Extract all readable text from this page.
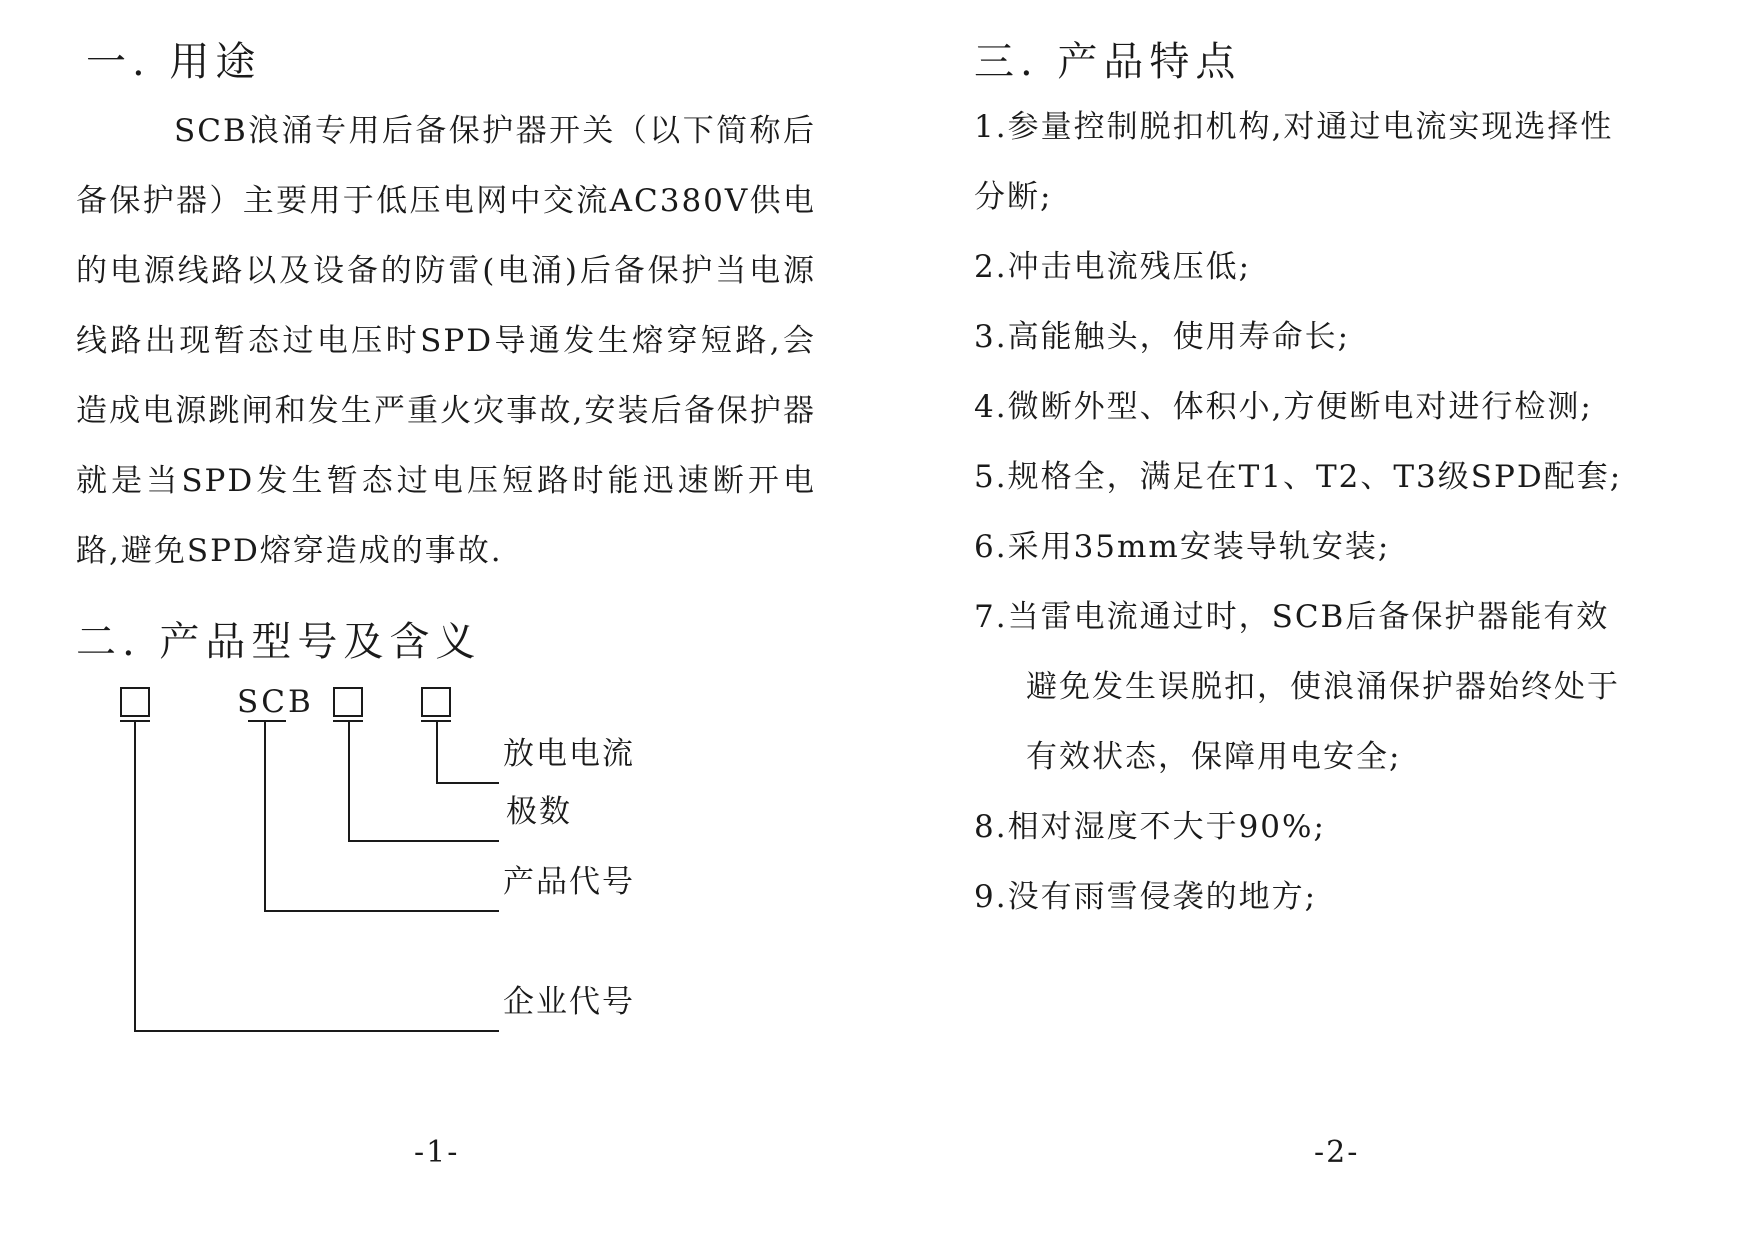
一. 用途

SCB浪涌专用后备保护器开关（以下简称后备保护器）主要用于低压电网中交流AC380V供电的电源线路以及设备的防雷(电涌)后备保护当电源线路出现暂态过电压时SPD导通发生熔穿短路,会造成电源跳闸和发生严重火灾事故,安装后备保护器就是当SPD发生暂态过电压短路时能迅速断开电路,避免SPD熔穿造成的事故.

二. 产品型号及含义
SCB
放电电流
极数
产品代号
企业代号
-1-
三. 产品特点

1.参量控制脱扣机构,对通过电流实现选择性

分断;

2.冲击电流残压低;

3.高能触头，使用寿命长;

4.微断外型、体积小,方便断电对进行检测;

5.规格全，满足在T1、T2、T3级SPD配套;

6.采用35mm安装导轨安装;

7.当雷电流通过时，SCB后备保护器能有效

避免发生误脱扣，使浪涌保护器始终处于

有效状态，保障用电安全;

8.相对湿度不大于90%;

9.没有雨雪侵袭的地方;

-2-
